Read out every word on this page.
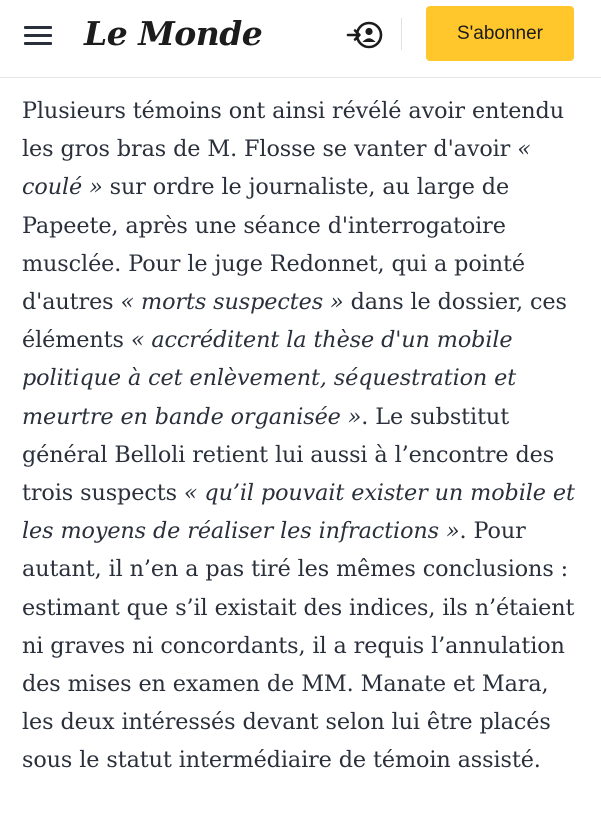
Le Monde	S'abonner

Plusieurs témoins ont ainsi révélé avoir entendu les gros bras de M. Flosse se vanter d'avoir « coulé » sur ordre le journaliste, au large de Papeete, après une séance d'interrogatoire musclée. Pour le juge Redonnet, qui a pointé d'autres « morts suspectes » dans le dossier, ces éléments « accréditent la thèse d'un mobile politique à cet enlèvement, séquestration et meurtre en bande organisée ». Le substitut général Belloli retient lui aussi à l’encontre des trois suspects « qu’il pouvait exister un mobile et les moyens de réaliser les infractions ». Pour autant, il n’en a pas tiré les mêmes conclusions : estimant que s’il existait des indices, ils n’étaient ni graves ni concordants, il a requis l’annulation des mises en examen de MM. Manate et Mara, les deux intéressés devant selon lui être placés sous le statut intermédiaire de témoin assisté.
